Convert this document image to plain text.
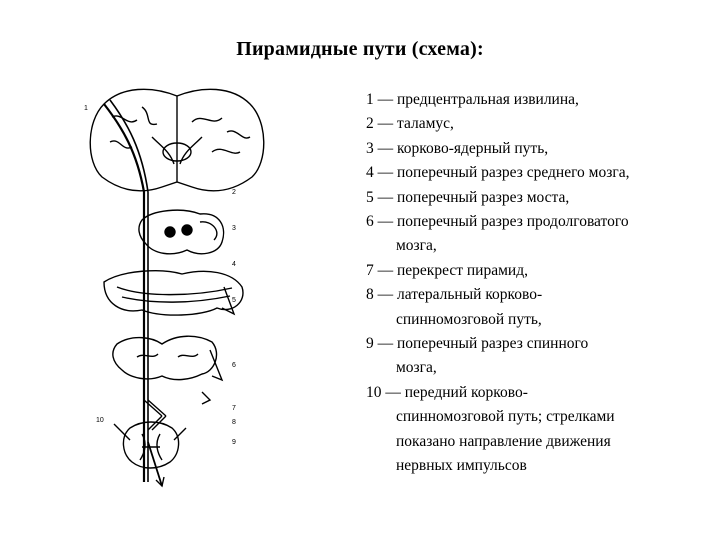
Пирамидные пути (схема):
1
2
3
4
5
6
7
8
9
10

1 — предцентральная извилина,

2 — таламус,

3 — корково-ядерный путь,

4 — поперечный разрез среднего мозга,

5 — поперечный разрез моста,

6 — поперечный разрез продолговатого
мозга,

7 — перекрест пирамид,

8 — латеральный корково-
спинномозговой путь,

9 — поперечный разрез спинного
мозга,

10 — передний корково-
спинномозговой путь; стрелками
показано направление движения
нервных импульсов
